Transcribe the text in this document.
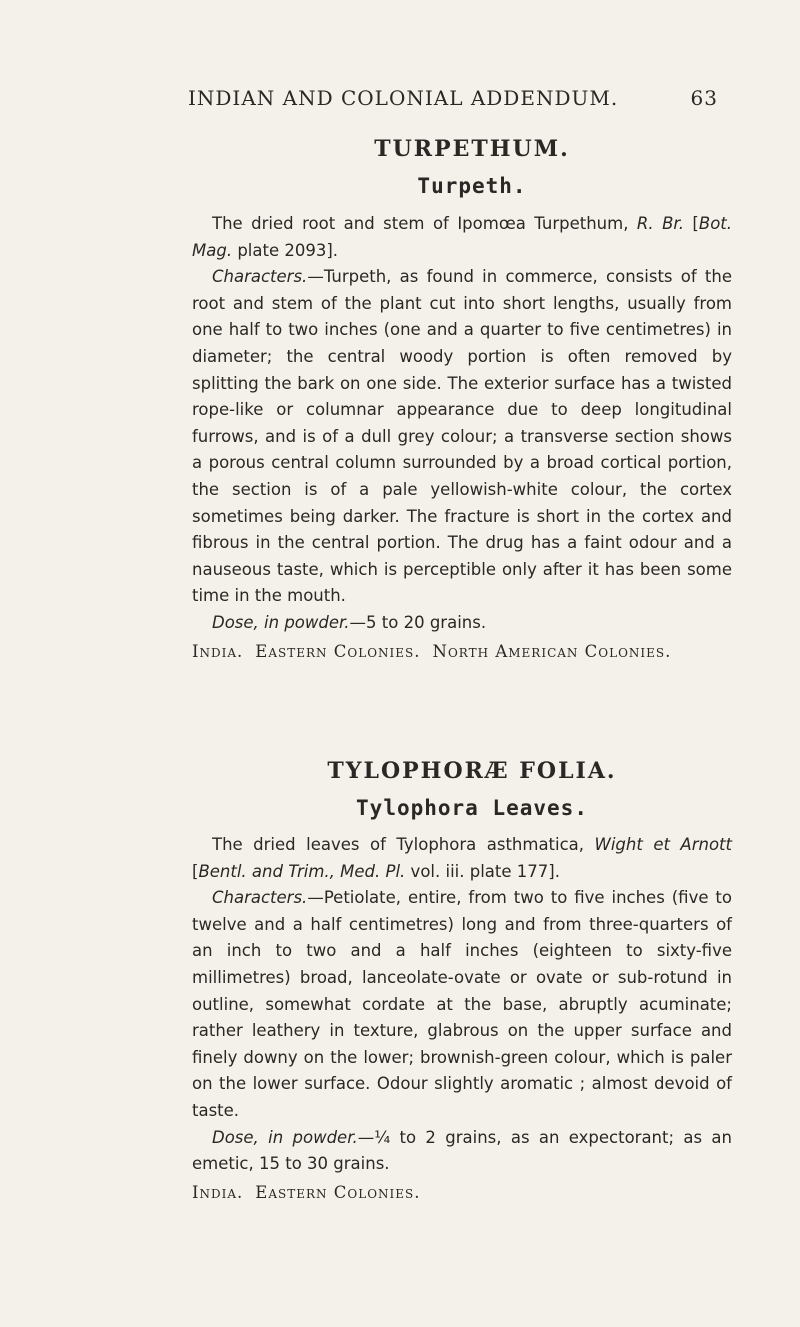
INDIAN AND COLONIAL ADDENDUM.	63
TURPETHUM.
Turpeth.

The dried root and stem of Ipomœa Turpethum, R. Br. [Bot. Mag. plate 2093].

Characters.—Turpeth, as found in commerce, consists of the root and stem of the plant cut into short lengths, usually from one half to two inches (one and a quarter to five centimetres) in diameter; the central woody portion is often removed by splitting the bark on one side. The exterior surface has a twisted rope-like or columnar appearance due to deep longitudinal furrows, and is of a dull grey colour; a transverse section shows a porous central column surrounded by a broad cortical portion, the section is of a pale yellowish-white colour, the cortex sometimes being darker. The fracture is short in the cortex and fibrous in the central portion. The drug has a faint odour and a nauseous taste, which is perceptible only after it has been some time in the mouth.

Dose, in powder.—5 to 20 grains.

India. Eastern Colonies. North American Colonies.
TYLOPHORÆ FOLIA.
Tylophora Leaves.

The dried leaves of Tylophora asthmatica, Wight et Arnott [Bentl. and Trim., Med. Pl. vol. iii. plate 177].

Characters.—Petiolate, entire, from two to five inches (five to twelve and a half centimetres) long and from three-quarters of an inch to two and a half inches (eighteen to sixty-five millimetres) broad, lanceolate-ovate or ovate or sub-rotund in outline, somewhat cordate at the base, abruptly acuminate; rather leathery in texture, glabrous on the upper surface and finely downy on the lower; brownish-green colour, which is paler on the lower surface. Odour slightly aromatic ; almost devoid of taste.

Dose, in powder.—¼ to 2 grains, as an expectorant; as an emetic, 15 to 30 grains.

India. Eastern Colonies.
